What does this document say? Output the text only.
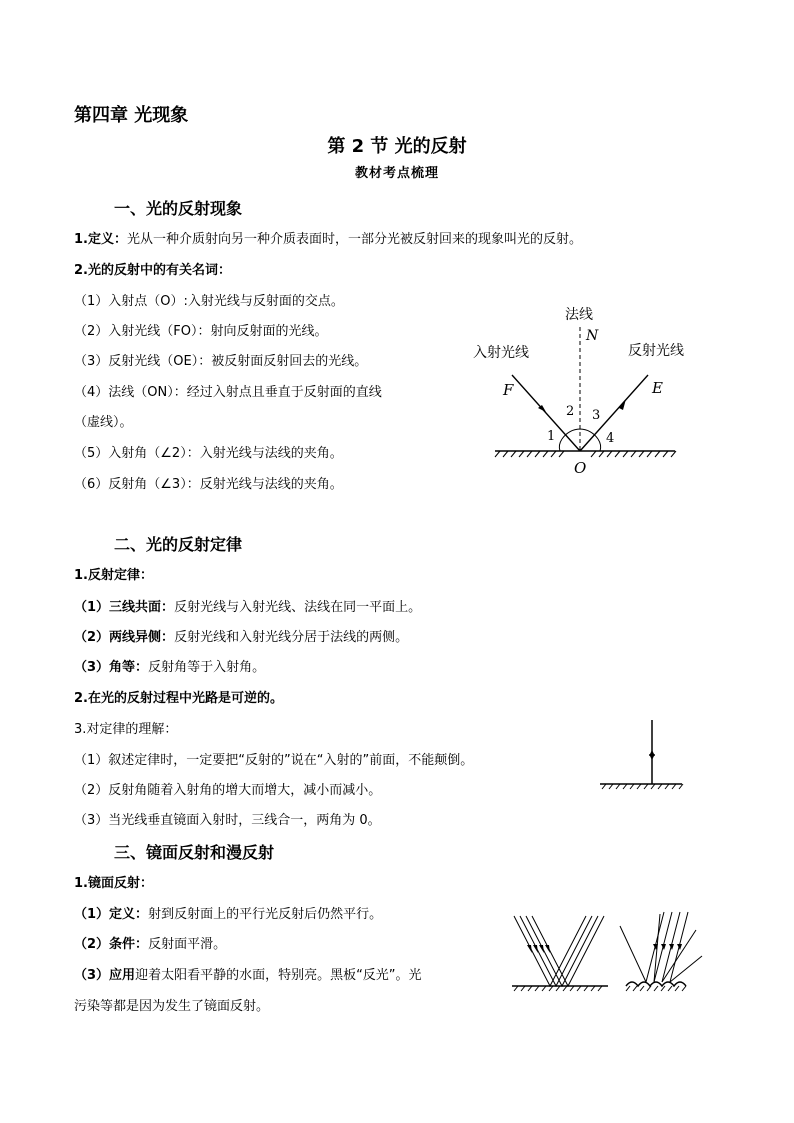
第四章 光现象
第 2 节 光的反射
教材考点梳理
一、光的反射现象
1.定义：光从一种介质射向另一种介质表面时，一部分光被反射回来的现象叫光的反射。
2.光的反射中的有关名词：
（1）入射点（O）:入射光线与反射面的交点。
（2）入射光线（FO）：射向反射面的光线。
（3）反射光线（OE）：被反射面反射回去的光线。
（4）法线（ON）：经过入射点且垂直于反射面的直线
（虚线）。
（5）入射角（∠2）：入射光线与法线的夹角。
（6）反射角（∠3）：反射光线与法线的夹角。
法线
N
入射光线	反射光线
F	E
2 3
1	4
O
二、光的反射定律
1.反射定律：
（1）三线共面：反射光线与入射光线、法线在同一平面上。
（2）两线异侧：反射光线和入射光线分居于法线的两侧。
（3）角等：反射角等于入射角。
2.在光的反射过程中光路是可逆的。
3.对定律的理解：
（1）叙述定律时，一定要把“反射的”说在“入射的”前面，不能颠倒。
（2）反射角随着入射角的增大而增大，减小而减小。
（3）当光线垂直镜面入射时，三线合一，两角为 0。
三、镜面反射和漫反射
1.镜面反射：
（1）定义：射到反射面上的平行光反射后仍然平行。
（2）条件：反射面平滑。
（3）应用迎着太阳看平静的水面，特别亮。黑板“反光”。光
污染等都是因为发生了镜面反射。
